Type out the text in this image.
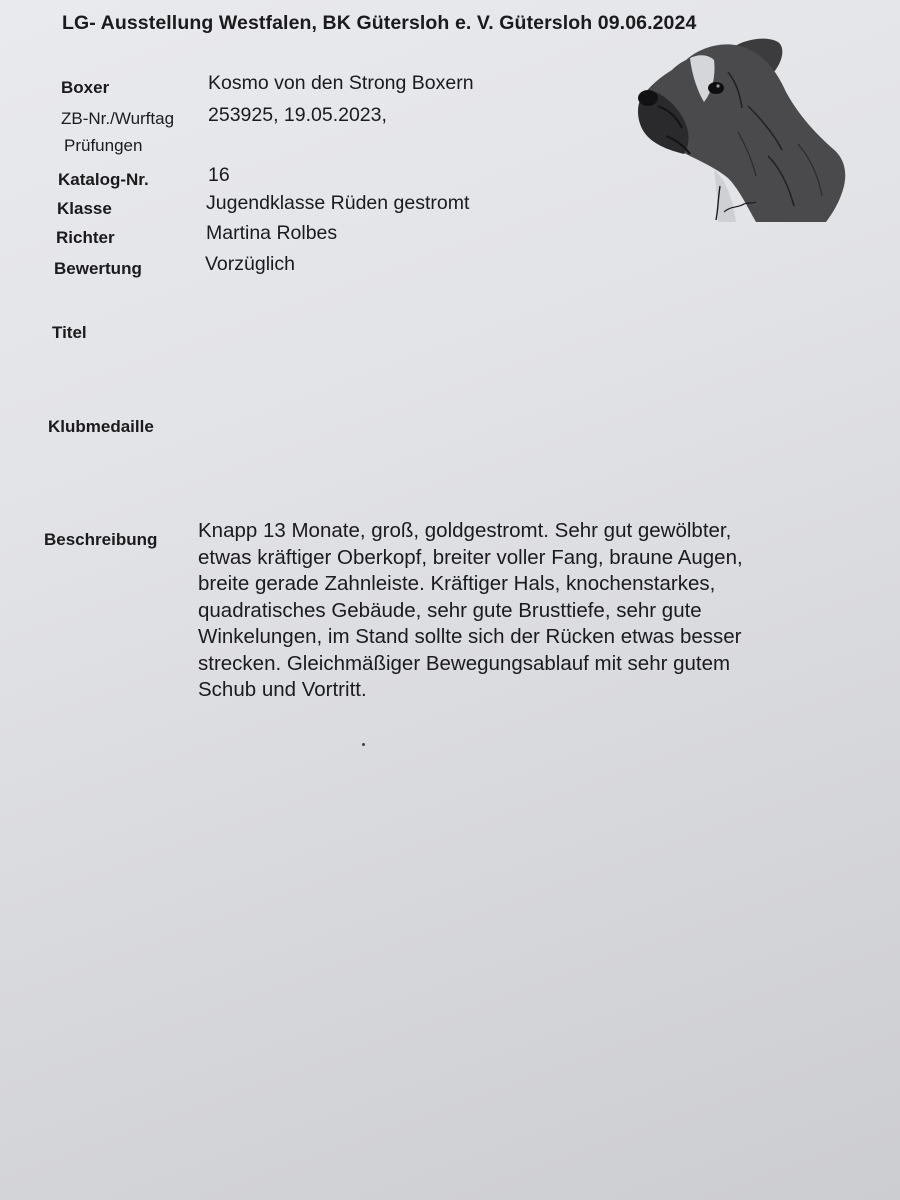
LG- Ausstellung Westfalen, BK Gütersloh e. V. Gütersloh 09.06.2024
Boxer	Kosmo von den Strong Boxern
ZB-Nr./Wurftag 253925, 19.05.2023,
Prüfungen
Katalog-Nr.	16
Klasse	Jugendklasse Rüden gestromt
Richter	Martina Rolbes
Bewertung	Vorzüglich
Titel
Klubmedaille
Beschreibung Knapp 13 Monate, groß, goldgestromt. Sehr gut gewölbter,
etwas kräftiger Oberkopf, breiter voller Fang, braune Augen,
breite gerade Zahnleiste. Kräftiger Hals, knochenstarkes,
quadratisches Gebäude, sehr gute Brusttiefe, sehr gute
Winkelungen, im Stand sollte sich der Rücken etwas besser
strecken. Gleichmäßiger Bewegungsablauf mit sehr gutem
Schub und Vortritt.
